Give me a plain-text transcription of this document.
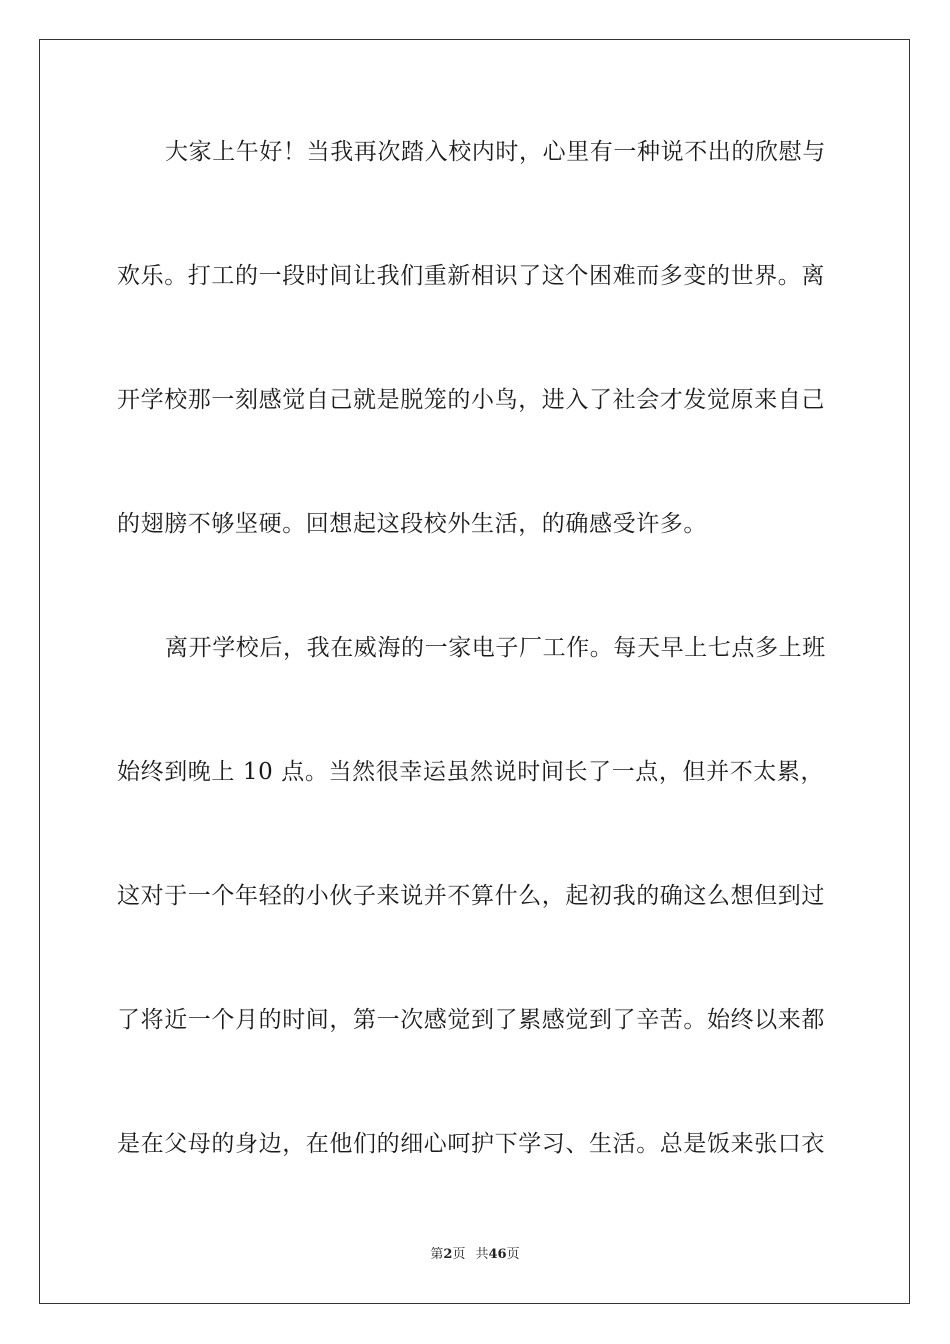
大家上午好！当我再次踏入校内时，心里有一种说不出的欣慰与
欢乐。打工的一段时间让我们重新相识了这个困难而多变的世界。离
开学校那一刻感觉自己就是脱笼的小鸟，进入了社会才发觉原来自己
的翅膀不够坚硬。回想起这段校外生活，的确感受许多。
离开学校后，我在威海的一家电子厂工作。每天早上七点多上班
始终到晚上 10 点。当然很幸运虽然说时间长了一点，但并不太累，
这对于一个年轻的小伙子来说并不算什么，起初我的确这么想但到过
了将近一个月的时间，第一次感觉到了累感觉到了辛苦。始终以来都
是在父母的身边，在他们的细心呵护下学习、生活。总是饭来张口衣
第2页 共46页
